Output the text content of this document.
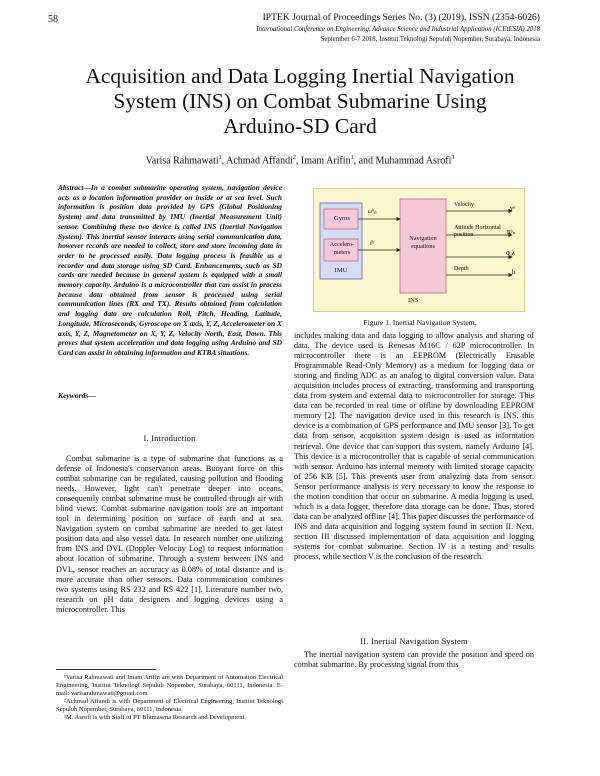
58	IPTEK Journal of Proceedings Series No. (3) (2019), ISSN (2354-6026)
International Conference on Engineering, Advance Science and Industrial Application (ICEtESIA) 2018
September 6-7 2018, Institut Teknologi Sepuluh Nopember, Surabaya, Indonesia
Acquisition and Data Logging Inertial Navigation
System (INS) on Combat Submarine Using
Arduino-SD Card
Varisa Rahmawati$^1$, Achmad Affandi$^2$, Imam Arifin$^1$, and Muhammad Asrofi$^3$
Abstract—In a combat submarine operating system, navigation device acts as a location information provider on inside or at sea level. Such information is position data provided by GPS (Global Positioning System) and data transmitted by IMU (Inertial Measurement Unit) sensor. Combining these two device is called INS (Inertial Navigation System). This inertial sensor interacts using serial communication data, however records are needed to collect, store and store incoming data in order to be processed easily. Data logging process is feasible as a recorder and data storage using SD Card. Enhancements, such as SD cards are needed because in general system is equipped with a small memory capacity. Arduino is a microcontroller that can assist in process because data obtained from sensor is processed using serial communication lines (RX and TX). Results obtained from calculation and logging data are calculation Roll, Pitch, Heading, Latitude, Longitude, Microseconds, Gyroscope on X axis, Y, Z, Accelerometer on X axis, Y, Z, Magnetometer on X, Y, Z, Velocity North, East, Down. This proves that system acceleration and data logging using Arduino and SD Card can assist in obtaining information and KTBA situations.
Keywords—
I. Introduction

Combat submarine is a type of submarine that functions as a defense of Indonesia's conservation areas. Buoyant force on this combat submarine can be regulated, causing pollution and flooding needs. However, light can't penetrate deeper into oceans, consequently combat submarine must be controlled through air with blind views. Combat submarine navigation tools are an important tool in determining position on surface of earth and at sea. Navigation system on combat submarine are needed to get latest position data and also vessel data. In research number one utilizing from INS and DVL (Doppler Velocity Log) to request information about location of submarine. Through a system between INS and DVL, sensor reaches an accuracy as 0.08% of total distance and is more accurate than other sensors. Data communication combines two systems using RS 232 and RS 422 [1]. Literature number two, research on pH data designers and logging devices using a microcontroller. This

¹Varisa Rahmawati and Imam Arifin are with Department of Automation Electrical Engineering, Institut Teknologi Sepuluh Nopember, Surabaya, 60111, Indonesia. E-mail: varisarahmawati@gmail.com
²Achmad Affandi is with Department of Electrical Engineering, Institut Teknologi Sepuluh Nopember, Surabaya, 60111, Indonesia.
³M. Asrofi is with Staff of PT Bhimasena Research and Development.
Gyros
Accelero-meters
IMU
ωᵇᵢᵦ
fᵇ
Navigation equations
Velocity
Attitude Horizontal position
Depth
vⁿ
Rᵇₙ
Φ,λ
h
INS
Figure 1. Inertial Navigation System.

includes making data and data logging to allow analysis and sharing of data. The device used is Renesas M16C / 62P microcontroller. In microcontroller there is an EEPROM (Electrically Erasable Programmable Read-Only Memory) as a medium for logging data or storing and finding ADC as an analog to digital conversion value. Data acquisition includes process of extracting, transforming and transporting data from system and external data to microcontroller for storage. This data can be recorded in real time or offline by downloading EEPROM memory [2]. The navigation device used in this research is INS, this device is a combination of GPS performance and IMU sensor [3]. To get data from sensor, acquisition system design is used as information retrieval. One device that can support this system, namely Arduino [4]. This device is a microcontroller that is capable of serial communication with sensor. Arduino has internal memory with limited storage capacity of 256 KB [5]. This prevents user from analyzing data from sensor. Sensor performance analysis is very necessary to know the response to the motion condition that occur on submarine. A media logging is used, which is a data logger, therefore data storage can be done. Thus, stored data can be analyzed offline [4]. This paper discusses the performance of INS and data acquisition and logging system found in section II. Next, section III discussed implementation of data acquisition and logging systems for combat submarine. Section IV is a testing and results process, while section V is the conclusion of the research.

II. Inertial Navigation System

The inertial navigation system can provide the position and speed on combat submarine. By processing signal from this
